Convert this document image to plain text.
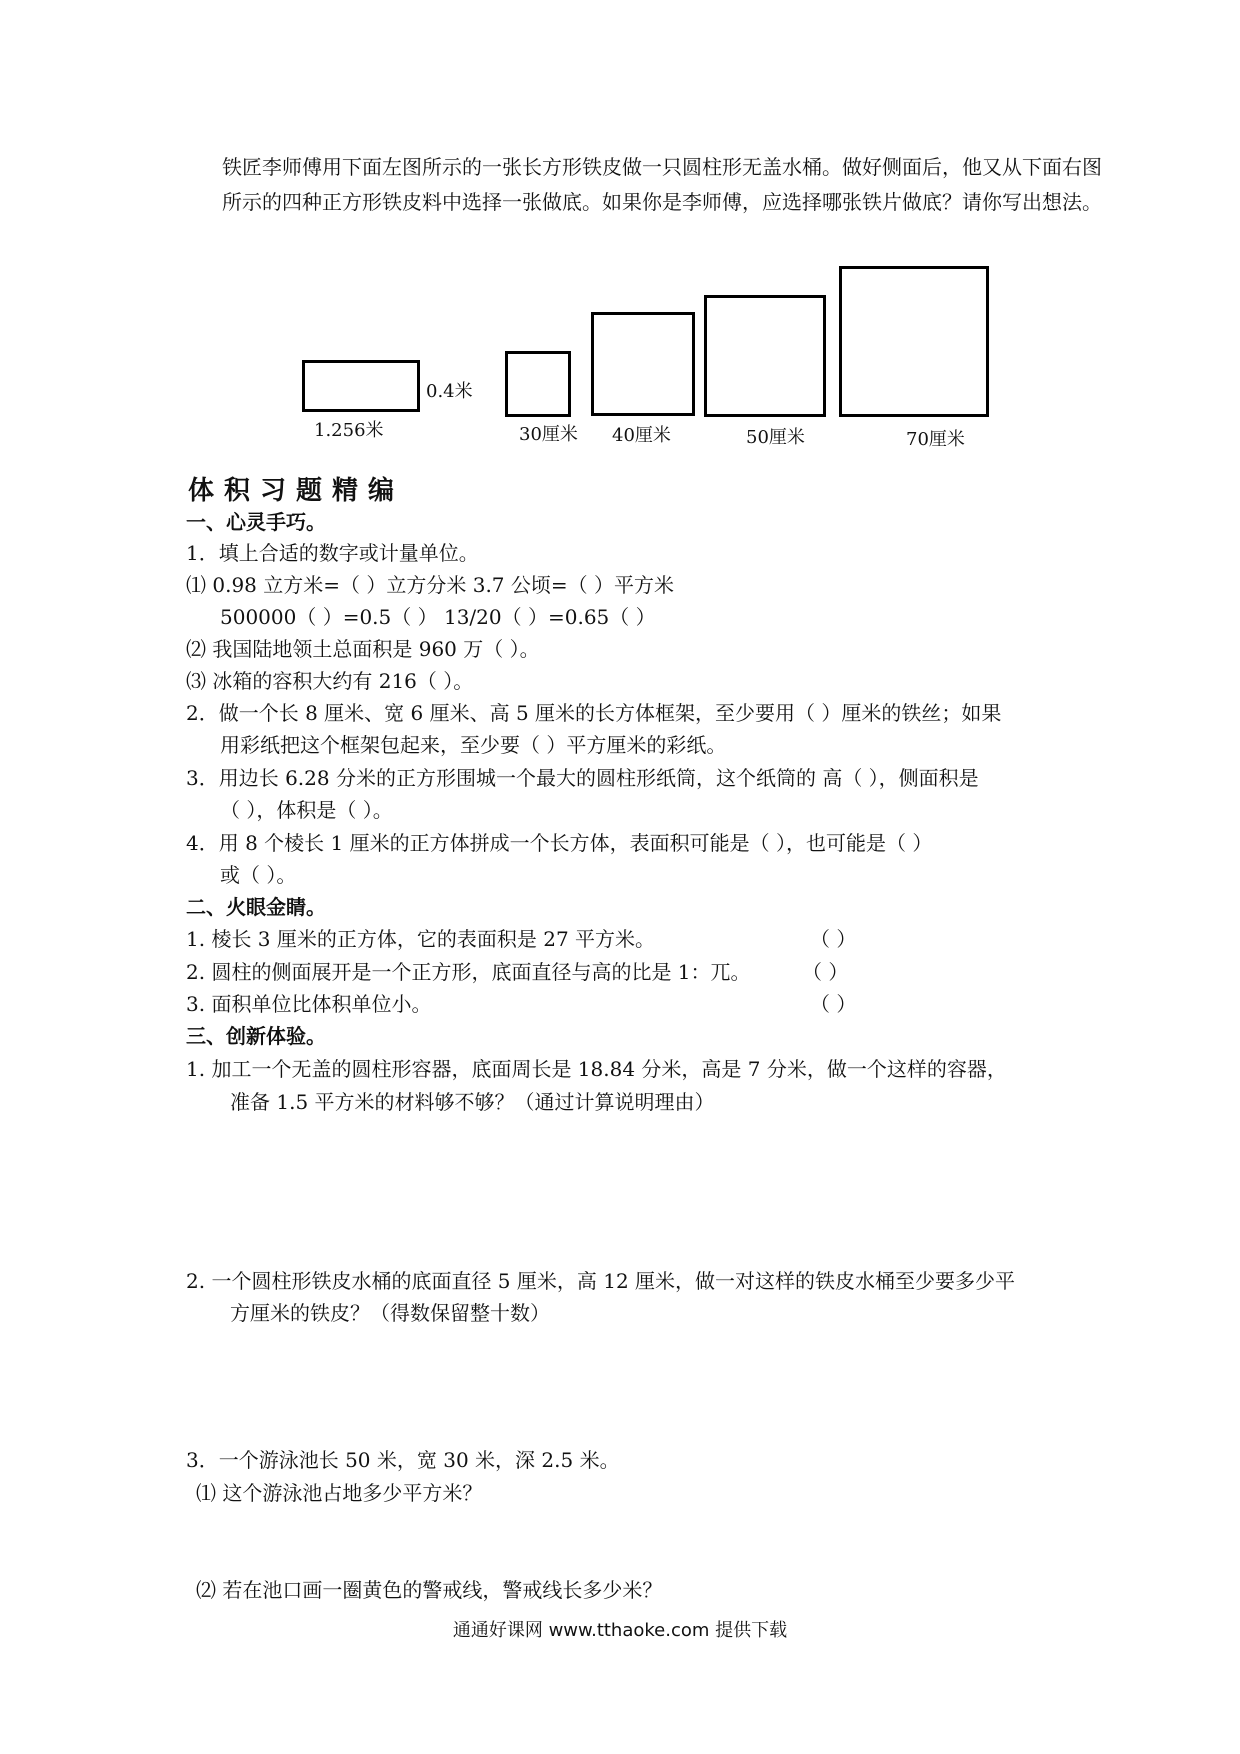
铁匠李师傅用下面左图所示的一张长方形铁皮做一只圆柱形无盖水桶。做好侧面后，他又从下面右图所示的四种正方形铁皮料中选择一张做底。如果你是李师傅，应选择哪张铁片做底？请你写出想法。
0.4米
1.256米	30厘米 40厘米	50厘米	70厘米
体积习题精编
一、心灵手巧。
1．填上合适的数字或计量单位。
⑴ 0.98 立方米=（ ）立方分米 3.7 公顷=（ ）平方米
500000（ ）=0.5（ ） 13/20（ ）=0.65（ ）
⑵ 我国陆地领土总面积是 960 万（ ）。
⑶ 冰箱的容积大约有 216（ ）。
2．做一个长 8 厘米、宽 6 厘米、高 5 厘米的长方体框架，至少要用（ ）厘米的铁丝；如果
用彩纸把这个框架包起来，至少要（ ）平方厘米的彩纸。
3．用边长 6.28 分米的正方形围城一个最大的圆柱形纸筒，这个纸筒的 高（ ），侧面积是
（ ），体积是（ ）。
4．用 8 个棱长 1 厘米的正方体拼成一个长方体，表面积可能是（ ），也可能是（ ）
或（ ）。
二、火眼金睛。
1. 棱长 3 厘米的正方体，它的表面积是 27 平方米。	（ ）
2. 圆柱的侧面展开是一个正方形，底面直径与高的比是 1：兀。	（ ）
3. 面积单位比体积单位小。	（ ）
三、创新体验。
1. 加工一个无盖的圆柱形容器，底面周长是 18.84 分米，高是 7 分米，做一个这样的容器，
准备 1.5 平方米的材料够不够？（通过计算说明理由）
2. 一个圆柱形铁皮水桶的底面直径 5 厘米，高 12 厘米，做一对这样的铁皮水桶至少要多少平
方厘米的铁皮？（得数保留整十数）
3．一个游泳池长 50 米，宽 30 米，深 2.5 米。
⑴ 这个游泳池占地多少平方米？
⑵ 若在池口画一圈黄色的警戒线，警戒线长多少米？
通通好课网 www.tthaoke.com 提供下载
